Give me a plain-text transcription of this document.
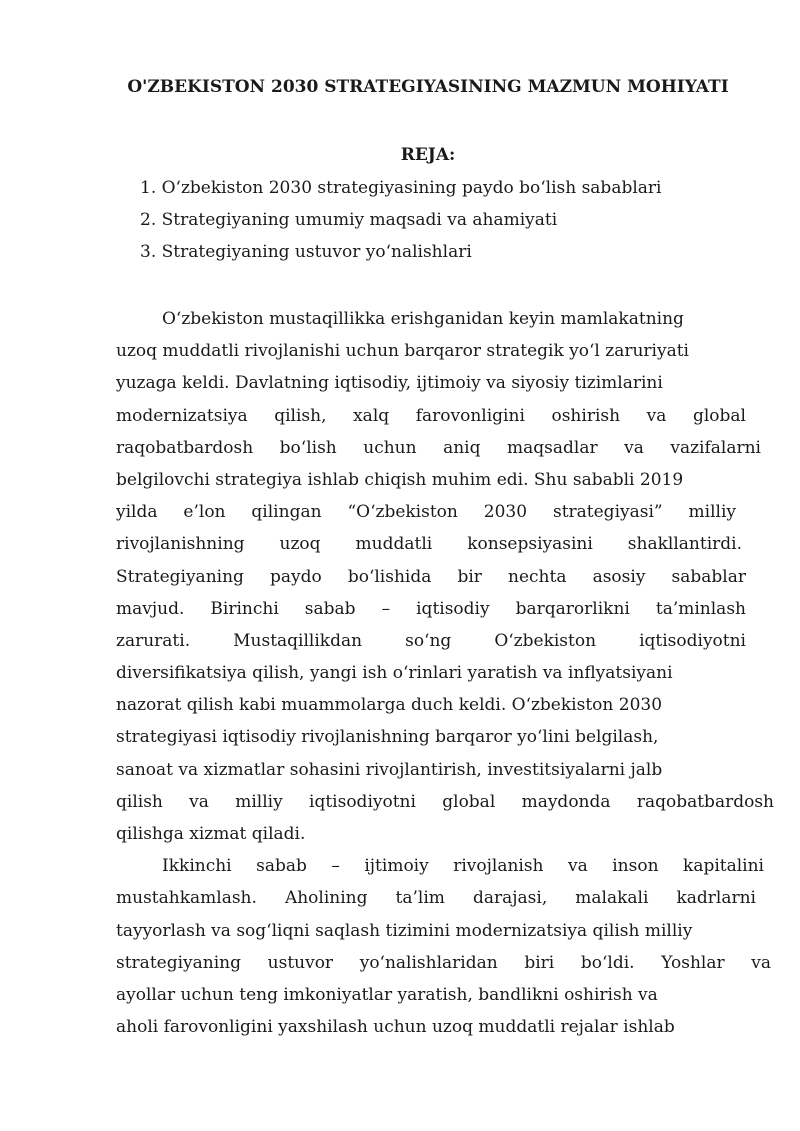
O'ZBEKISTON 2030 STRATEGIYASINING MAZMUN MOHIYATI
REJA:
1. O‘zbekiston 2030 strategiyasining paydo bo‘lish sabablari
2. Strategiyaning umumiy maqsadi va ahamiyati
3. Strategiyaning ustuvor yo‘nalishlari
O‘zbekiston mustaqillikka erishganidan keyin mamlakatning
uzoq muddatli rivojlanishi uchun barqaror strategik yo‘l zaruriyati
yuzaga keldi. Davlatning iqtisodiy, ijtimoiy va siyosiy tizimlarini
modernizatsiya qilish, xalq farovonligini oshirish va global
raqobatbardosh bo‘lish uchun aniq maqsadlar va vazifalarni
belgilovchi strategiya ishlab chiqish muhim edi. Shu sababli 2019
yilda e’lon qilingan “O‘zbekiston 2030 strategiyasi” milliy
rivojlanishning uzoq muddatli konsepsiyasini shakllantirdi.
Strategiyaning paydo bo‘lishida bir nechta asosiy sabablar
mavjud. Birinchi sabab – iqtisodiy barqarorlikni ta’minlash
zarurati. Mustaqillikdan so‘ng O‘zbekiston iqtisodiyotni
diversifikatsiya qilish, yangi ish o‘rinlari yaratish va inflyatsiyani
nazorat qilish kabi muammolarga duch keldi. O‘zbekiston 2030
strategiyasi iqtisodiy rivojlanishning barqaror yo‘lini belgilash,
sanoat va xizmatlar sohasini rivojlantirish, investitsiyalarni jalb
qilish va milliy iqtisodiyotni global maydonda raqobatbardosh
qilishga xizmat qiladi.
Ikkinchi sabab – ijtimoiy rivojlanish va inson kapitalini
mustahkamlash. Aholining ta’lim darajasi, malakali kadrlarni
tayyorlash va sog‘liqni saqlash tizimini modernizatsiya qilish milliy
strategiyaning ustuvor yo‘nalishlaridan biri bo‘ldi. Yoshlar va
ayollar uchun teng imkoniyatlar yaratish, bandlikni oshirish va
aholi farovonligini yaxshilash uchun uzoq muddatli rejalar ishlab
